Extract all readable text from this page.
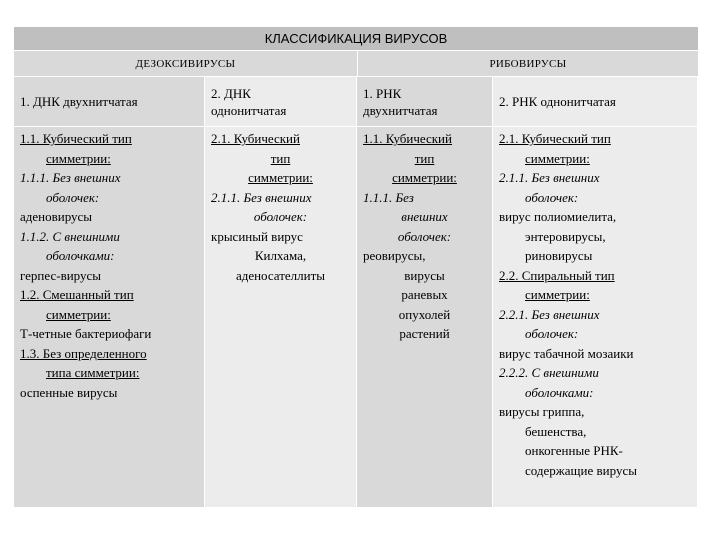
КЛАССИФИКАЦИЯ ВИРУСОВ
ДЕЗОКСИВИРУСЫ	РИБОВИРУСЫ
1. ДНК двухнитчатая
1.1. Кубический тип
симметрии:
1.1.1. Без внешних
оболочек:
аденовирусы
1.1.2. С внешними
оболочками:
герпес-вирусы
1.2. Смешанный тип
симметрии:
Т-четные бактериофаги
1.3. Без определенного
типа симметрии:
оспенные вирусы
2. ДНК
однонитчатая
2.1. Кубический
тип
симметрии:
2.1.1. Без внешних
оболочек:
крысиный вирус
Килхама,
аденосателлиты
1. РНК
двухнитчатая
1.1. Кубический
тип
симметрии:
1.1.1. Без
внешних
оболочек:
реовирусы,
вирусы
раневых
опухолей
растений
2. РНК однонитчатая
2.1. Кубический тип
симметрии:
2.1.1. Без внешних
оболочек:
вирус полиомиелита,
энтеровирусы,
риновирусы
2.2. Спиральный тип
симметрии:
2.2.1. Без внешних
оболочек:
вирус табачной мозаики
2.2.2. С внешними
оболочками:
вирусы гриппа,
бешенства,
онкогенные РНК-
содержащие вирусы
